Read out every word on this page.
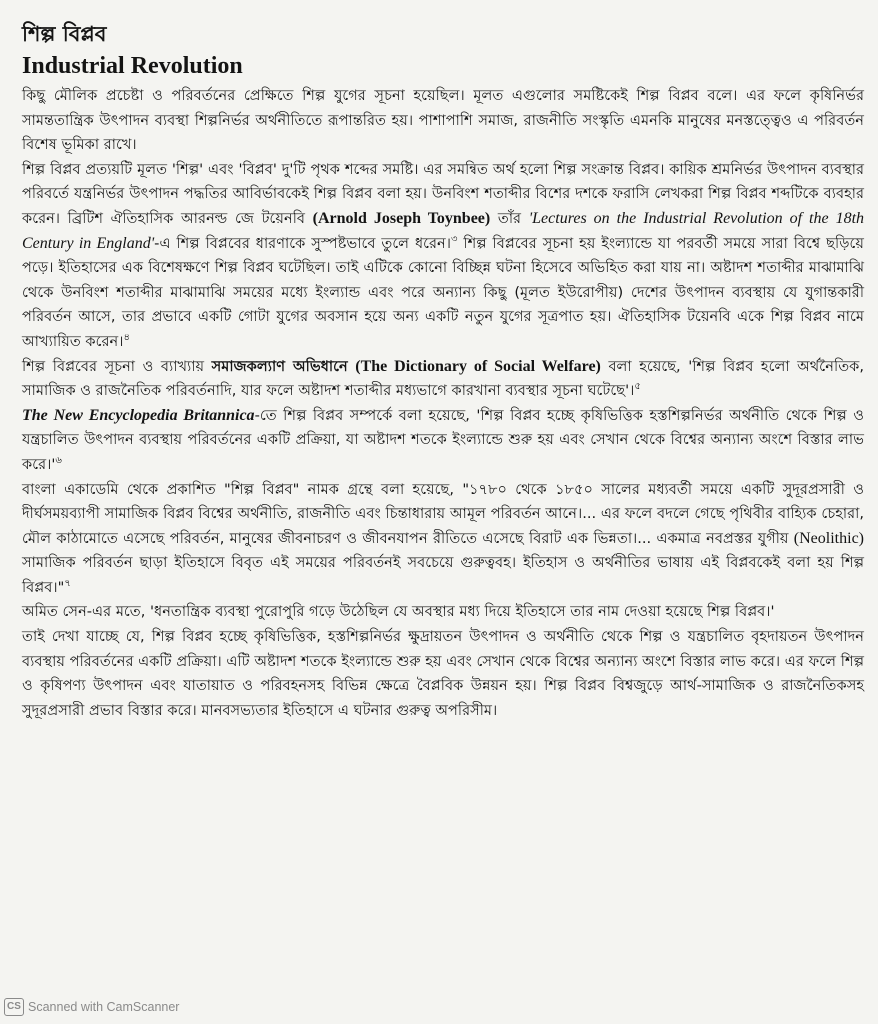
শিল্প বিপ্লব
Industrial Revolution

কিছু মৌলিক প্রচেষ্টা ও পরিবর্তনের প্রেক্ষিতে শিল্প যুগের সূচনা হয়েছিল। মূলত এগুলোর সমষ্টিকেই শিল্প বিপ্লব বলে। এর ফলে কৃষিনির্ভর সামন্ততান্ত্রিক উৎপাদন ব্যবস্থা শিল্পনির্ভর অর্থনীতিতে রূপান্তরিত হয়। পাশাপাশি সমাজ, রাজনীতি সংস্কৃতি এমনকি মানুষের মনস্তত্ত্বেও এ পরিবর্তন বিশেষ ভূমিকা রাখে।

শিল্প বিপ্লব প্রত্যয়টি মূলত 'শিল্প' এবং 'বিপ্লব' দু'টি পৃথক শব্দের সমষ্টি। এর সমন্বিত অর্থ হলো শিল্প সংক্রান্ত বিপ্লব। কায়িক শ্রমনির্ভর উৎপাদন ব্যবস্থার পরিবর্তে যন্ত্রনির্ভর উৎপাদন পদ্ধতির আবির্ভাবকেই শিল্প বিপ্লব বলা হয়। উনবিংশ শতাব্দীর বিশের দশকে ফরাসি লেখকরা শিল্প বিপ্লব শব্দটিকে ব্যবহার করেন। ব্রিটিশ ঐতিহাসিক আরনল্ড জে টয়েনবি (Arnold Joseph Toynbee) তাঁর 'Lectures on the Industrial Revolution of the 18th Century in England'-এ শিল্প বিপ্লবের ধারণাকে সুস্পষ্টভাবে তুলে ধরেন।$^৩$ শিল্প বিপ্লবের সূচনা হয় ইংল্যান্ডে যা পরবর্তী সময়ে সারা বিশ্বে ছড়িয়ে পড়ে। ইতিহাসের এক বিশেষক্ষণে শিল্প বিপ্লব ঘটেছিল। তাই এটিকে কোনো বিচ্ছিন্ন ঘটনা হিসেবে অভিহিত করা যায় না। অষ্টাদশ শতাব্দীর মাঝামাঝি থেকে উনবিংশ শতাব্দীর মাঝামাঝি সময়ের মধ্যে ইংল্যান্ড এবং পরে অন্যান্য কিছু (মূলত ইউরোপীয়) দেশের উৎপাদন ব্যবস্থায় যে যুগান্তকারী পরিবর্তন আসে, তার প্রভাবে একটি গোটা যুগের অবসান হয়ে অন্য একটি নতুন যুগের সূত্রপাত হয়। ঐতিহাসিক টয়েনবি একে শিল্প বিপ্লব নামে আখ্যায়িত করেন।$^৪$

শিল্প বিপ্লবের সূচনা ও ব্যাখ্যায় সমাজকল্যাণ অভিধানে (The Dictionary of Social Welfare) বলা হয়েছে, 'শিল্প বিপ্লব হলো অর্থনৈতিক, সামাজিক ও রাজনৈতিক পরিবর্তনাদি, যার ফলে অষ্টাদশ শতাব্দীর মধ্যভাগে কারখানা ব্যবস্থার সূচনা ঘটেছে'।$^৫$

The New Encyclopedia Britannica-তে শিল্প বিপ্লব সম্পর্কে বলা হয়েছে, 'শিল্প বিপ্লব হচ্ছে কৃষিভিত্তিক হস্তশিল্পনির্ভর অর্থনীতি থেকে শিল্প ও যন্ত্রচালিত উৎপাদন ব্যবস্থায় পরিবর্তনের একটি প্রক্রিয়া, যা অষ্টাদশ শতকে ইংল্যান্ডে শুরু হয় এবং সেখান থেকে বিশ্বের অন্যান্য অংশে বিস্তার লাভ $করে।'^৬$

বাংলা একাডেমি থেকে প্রকাশিত "শিল্প বিপ্লব" নামক গ্রন্থে বলা হয়েছে, "১৭৮০ থেকে ১৮৫০ সালের মধ্যবর্তী সময়ে একটি সুদূরপ্রসারী ও দীর্ঘসময়ব্যাপী সামাজিক বিপ্লব বিশ্বের অর্থনীতি, রাজনীতি এবং চিন্তাধারায় আমূল পরিবর্তন আনে।... এর ফলে বদলে গেছে পৃথিবীর বাহ্যিক চেহারা, মৌল কাঠামোতে এসেছে পরিবর্তন, মানুষের জীবনাচরণ ও জীবনযাপন রীতিতে এসেছে বিরাট এক ভিন্নতা।... একমাত্র নবপ্রস্তর যুগীয় (Neolithic) সামাজিক পরিবর্তন ছাড়া ইতিহাসে বিবৃত এই সময়ের পরিবর্তনই সবচেয়ে গুরুত্ববহ। ইতিহাস ও অর্থনীতির ভাষায় এই বিপ্লবকেই বলা হয় শিল্প বিপ্লব।"$^৭$

অমিত সেন-এর মতে, 'ধনতান্ত্রিক ব্যবস্থা পুরোপুরি গড়ে উঠেছিল যে অবস্থার মধ্য দিয়ে ইতিহাসে তার নাম দেওয়া হয়েছে শিল্প বিপ্লব।'

তাই দেখা যাচ্ছে যে, শিল্প বিপ্লব হচ্ছে কৃষিভিত্তিক, হস্তশিল্পনির্ভর ক্ষুদ্রায়তন উৎপাদন ও অর্থনীতি থেকে শিল্প ও যন্ত্রচালিত বৃহদায়তন উৎপাদন ব্যবস্থায় পরিবর্তনের একটি প্রক্রিয়া। এটি অষ্টাদশ শতকে ইংল্যান্ডে শুরু হয় এবং সেখান থেকে বিশ্বের অন্যান্য অংশে বিস্তার লাভ করে। এর ফলে শিল্প ও কৃষিপণ্য উৎপাদন এবং যাতায়াত ও পরিবহনসহ বিভিন্ন ক্ষেত্রে বৈপ্লবিক উন্নয়ন হয়। শিল্প বিপ্লব বিশ্বজুড়ে আর্থ-সামাজিক ও রাজনৈতিকসহ সুদূরপ্রসারী প্রভাব বিস্তার করে। মানবসভ্যতার ইতিহাসে এ ঘটনার গুরুত্ব অপরিসীম।

CS Scanned with CamScanner
